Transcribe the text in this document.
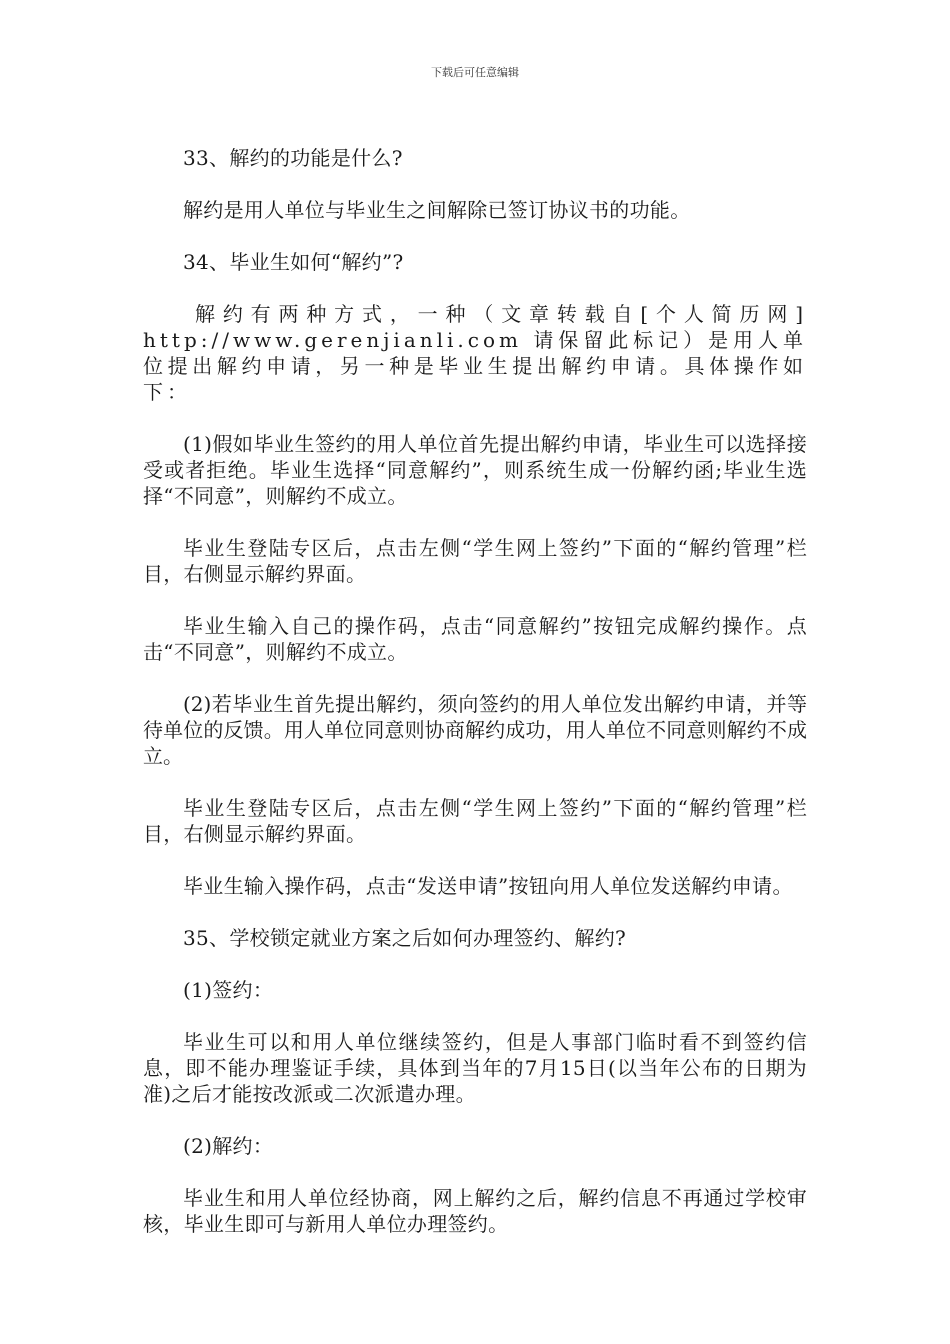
下载后可任意编辑

33、解约的功能是什么?

解约是用人单位与毕业生之间解除已签订协议书的功能。

34、毕业生如何“解约”?

解约有两种方式，一种（文章转载自[个人简历网] http://www.gerenjianli.com 请保留此标记）是用人单位提出解约申请，另一种是毕业生提出解约申请。具体操作如下：

(1)假如毕业生签约的用人单位首先提出解约申请，毕业生可以选择接受或者拒绝。毕业生选择“同意解约”，则系统生成一份解约函;毕业生选择“不同意”，则解约不成立。

毕业生登陆专区后，点击左侧“学生网上签约”下面的“解约管理”栏目，右侧显示解约界面。

毕业生输入自己的操作码，点击“同意解约”按钮完成解约操作。点击“不同意”，则解约不成立。

(2)若毕业生首先提出解约，须向签约的用人单位发出解约申请，并等待单位的反馈。用人单位同意则协商解约成功，用人单位不同意则解约不成立。

毕业生登陆专区后，点击左侧“学生网上签约”下面的“解约管理”栏目，右侧显示解约界面。

毕业生输入操作码，点击“发送申请”按钮向用人单位发送解约申请。

35、学校锁定就业方案之后如何办理签约、解约?

(1)签约：

毕业生可以和用人单位继续签约，但是人事部门临时看不到签约信息，即不能办理鉴证手续，具体到当年的7月15日(以当年公布的日期为准)之后才能按改派或二次派遣办理。

(2)解约：

毕业生和用人单位经协商，网上解约之后，解约信息不再通过学校审核，毕业生即可与新用人单位办理签约。
